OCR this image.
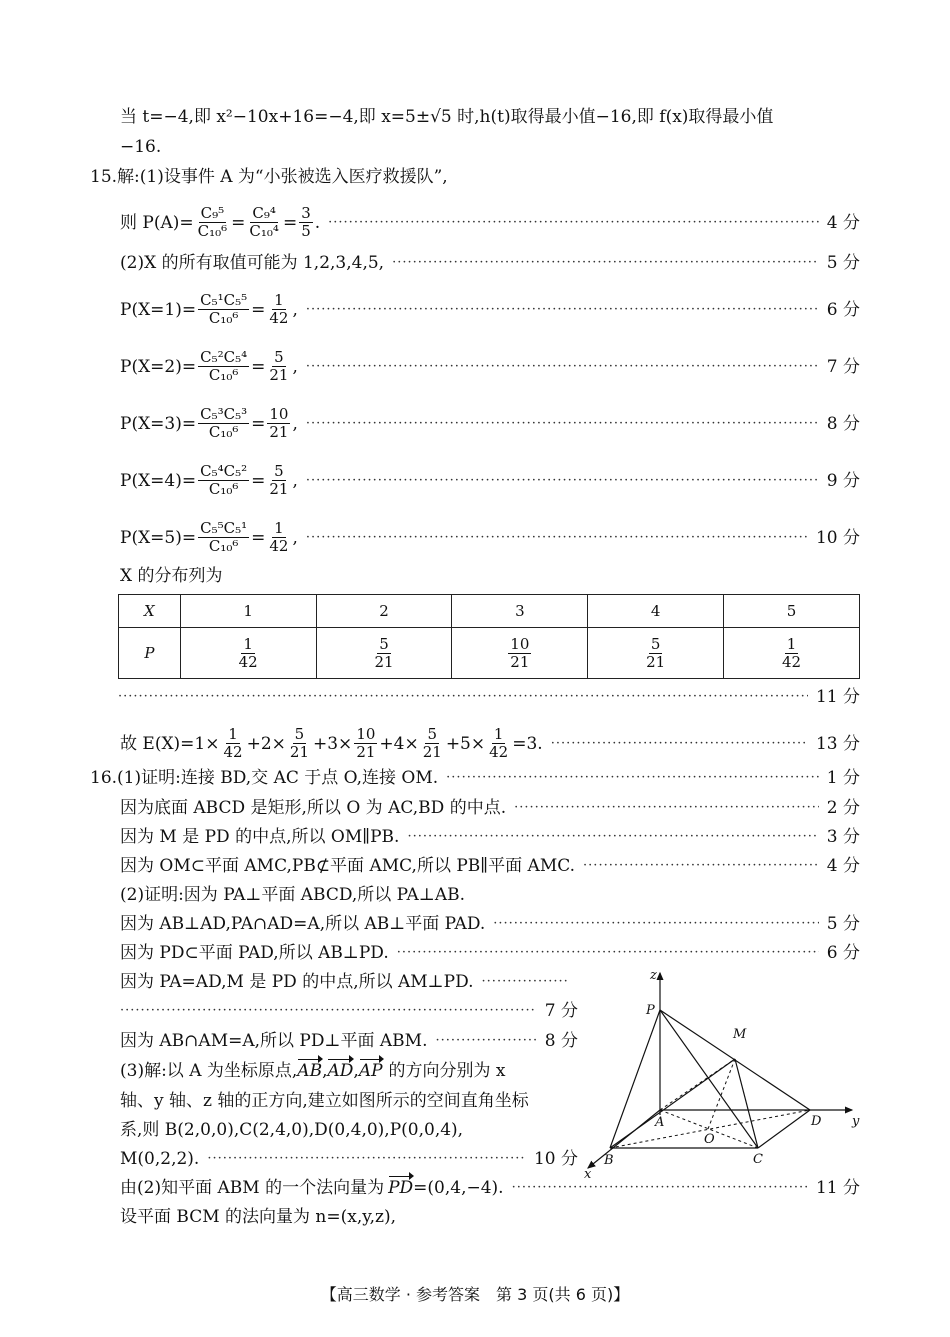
当 t=−4,即 x²−10x+16=−4,即 x=5±√5 时,h(t)取得最小值−16,即 f(x)取得最小值
−16.
15.解:(1)设事件 A 为“小张被选入医疗救援队”,
则 $P(A)= \frac{\text{C₉⁵}}{\text{C₁₀⁶}} = \frac{\text{C₉⁴}}{\text{C₁₀⁴}} = \frac{3}{5}$ . ·····	4 分
(2)X 的所有取值可能为 1,2,3,4,5, ·····	5 分
$P(X=1)= \frac{\text{C₅¹C₅⁵}}{\text{C₁₀⁶}} = \frac{1}{42}$ , ·····	6 分
$P(X=2)= \frac{\text{C₅²C₅⁴}}{\text{C₁₀⁶}} = \frac{5}{21}$ , ·····	7 分
$P(X=3)= \frac{\text{C₅³C₅³}}{\text{C₁₀⁶}} = \frac{10}{21}$ , ·····	8 分
$P(X=4)= \frac{\text{C₅⁴C₅²}}{\text{C₁₀⁶}} = \frac{5}{21}$ , ·····	9 分
$P(X=5)= \frac{\text{C₅⁵C₅¹}}{\text{C₁₀⁶}} = \frac{1}{42}$ , ·····	10 分
X 的分布列为
X	1	2	3	4	5
P	$\frac{1}{42}$	$\frac{5}{21}$	$\frac{10}{21}$	$\frac{5}{21}$	$\frac{1}{42}$
·····
11 分
故 $E(X)=1\times \frac{1}{42} +2\times \frac{5}{21} +3\times \frac{10}{21} +4\times \frac{5}{21} +5\times \frac{1}{42} =3$. ·····	13 分
16.(1)证明:连接 BD,交 AC 于点 O,连接 OM. ·····	1 分
因为底面 ABCD 是矩形,所以 O 为 AC,BD 的中点. ·····	2 分
因为 M 是 PD 的中点,所以 OM∥PB. ·····	3 分
因为 OM⊂平面 AMC,PB⊄平面 AMC,所以 PB∥平面 AMC. ·····	4 分
(2)证明:因为 PA⊥平面 ABCD,所以 PA⊥AB.
因为 AB⊥AD,PA∩AD=A,所以 AB⊥平面 PAD. ·····	5 分
因为 PD⊂平面 PAD,所以 AB⊥PD. ·····	6 分
因为 PA=AD,M 是 PD 的中点,所以 AM⊥PD.
·····
·····
7 分
因为 AB∩AM=A,所以 PD⊥平面 ABM. ·····	8 分
(3)解:以 A 为坐标原点, AB , AD , AP 的方向分别为 x
轴、y 轴、z 轴的正方向,建立如图所示的空间直角坐标
系,则 B(2,0,0),C(2,4,0),D(0,4,0),P(0,0,4),
M(0,2,2). ·····	10 分
由(2)知平面 ABM 的一个法向量为 PD =(0,4,−4). ·····	11 分
设平面 BCM 的法向量为 n=(x,y,z),
z
y
x
P
M
A
O
D
B	C
【高三数学 · 参考答案　第 3 页(共 6 页)】
